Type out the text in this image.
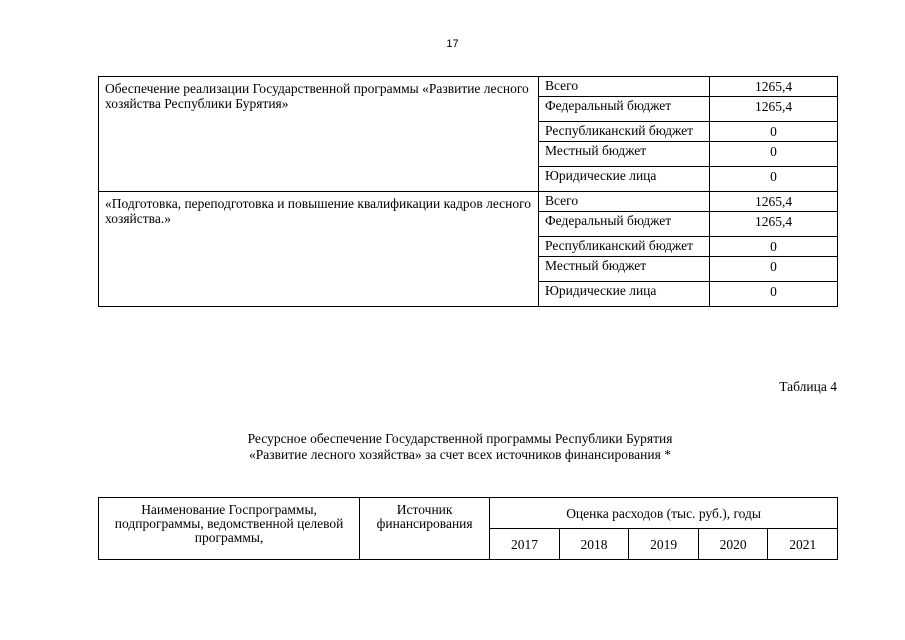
17
Обеспечение реализации Государственной программы «Развитие лесного хозяйства Республики Бурятия»	Всего	1265,4
	Федеральный бюджет	1265,4
	Республиканский бюджет	0
	Местный бюджет	0
	Юридические лица	0
«Подготовка, переподготовка и повышение квалификации кадров лесного хозяйства.»	Всего	1265,4
	Федеральный бюджет	1265,4
	Республиканский бюджет	0
	Местный бюджет	0
	Юридические лица	0
Таблица 4
Ресурсное обеспечение Государственной программы Республики Бурятия «Развитие лесного хозяйства» за счет всех источников финансирования *
Наименование Госпрограммы, подпрограммы, ведомственной целевой программы,	Источник финансирования	Оценка расходов (тыс. руб.), годы				
		2017	2018	2019	2020	2021
